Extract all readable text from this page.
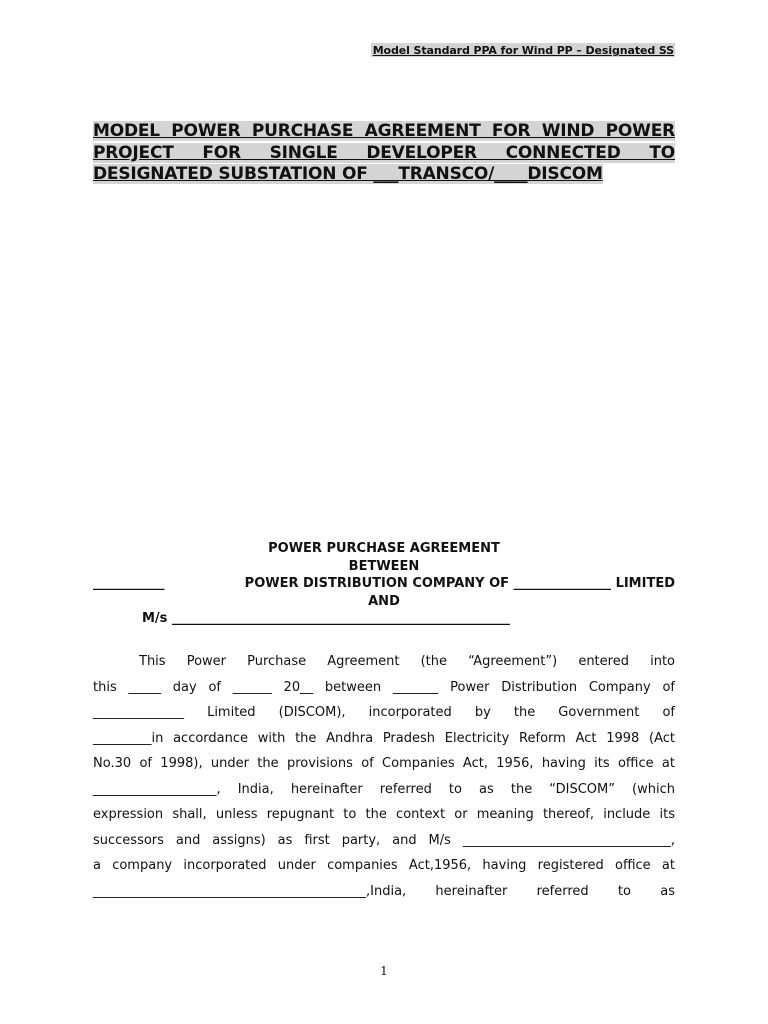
Model Standard PPA for Wind PP – Designated SS
MODEL POWER PURCHASE AGREEMENT FOR WIND POWER PROJECT FOR SINGLE DEVELOPER CONNECTED TO DESIGNATED SUBSTATION OF ___TRANSCO/____DISCOM
POWER PURCHASE AGREEMENT
BETWEEN
___________	POWER DISTRIBUTION COMPANY OF _______________ LIMITED
AND
M/s ____________________________________________________
This Power Purchase Agreement (the “Agreement”) entered into
this _____ day of ______ 20__ between _______ Power Distribution Company of
______________ Limited (DISCOM), incorporated by the Government of
_________in accordance with the Andhra Pradesh Electricity Reform Act 1998 (Act
No.30 of 1998), under the provisions of Companies Act, 1956, having its office at
___________________, India, hereinafter referred to as the “DISCOM” (which
expression shall, unless repugnant to the context or meaning thereof, include its
successors and assigns) as first party, and M/s ________________________________,
a company incorporated under companies Act,1956, having registered office at
__________________________________________,India, hereinafter referred to as
1
